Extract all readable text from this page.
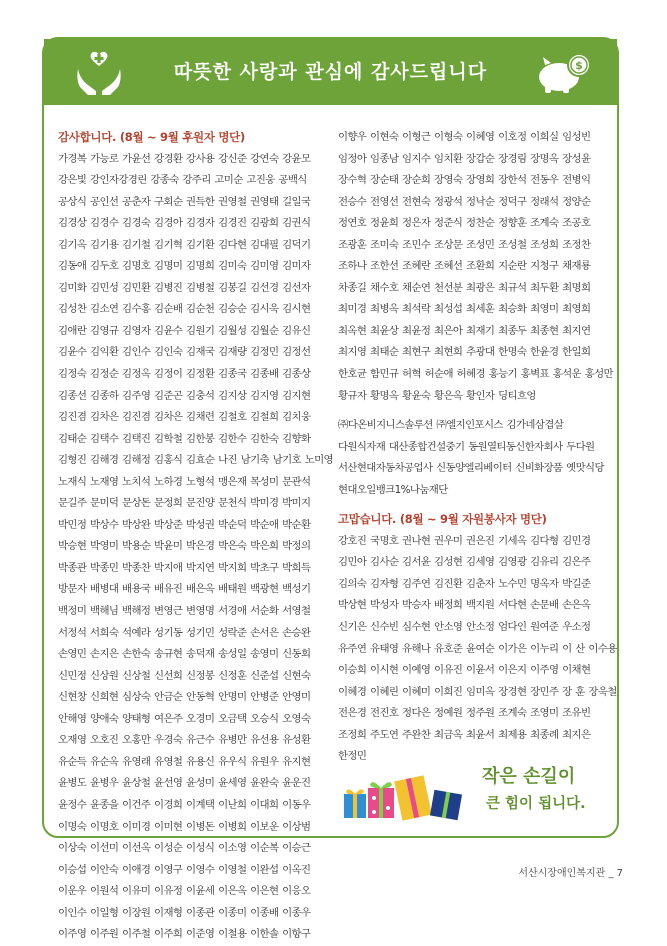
따뜻한 사랑과 관심에 감사드립니다	$
감사합니다. (8월 ~ 9월 후원자 명단)
가경복 가능로 가윤선 강경환 강사용 강신준 강연숙 강윤모
강은빛 강인자강경린 강종숙 강주리 고미순 고진웅 공백식
공상식 공인선 공춘자 구회순 권득한 권영철 권영태 길일국
김경상 김경수 김경숙 김경아 김경자 김경진 김광희 김권식
김기옥 김기용 김기철 김기혁 김기환 김다현 김대필 김덕기
김동애 김두호 김명호 김명미 김명희 김미숙 김미영 김미자
김미화 김민성 김민환 김병진 김병철 김봉길 김선경 김선자
김성찬 김소연 김수홍 김순배 김순천 김승순 김시욱 김시현
김애란 김영규 김영자 김윤수 김원기 김월성 김월순 김유신
김윤수 김익환 김인수 김인숙 김재국 김재량 김정민 김정선
김정숙 김정순 김정옥 김정이 김정환 김종국 김종배 김종상
김종선 김종하 김주영 김준곤 김충석 김지상 김지영 김지현
김진겸 김차은 김진겸 김차은 김채련 김철호 김철희 김치웅
김태순 김택수 김택진 김학철 김한봉 김한수 김한숙 김향화
김형진 김해경 김해정 김홍식 김효순 나진 남기축 남기호 노미영
노재식 노재영 노치석 노하경 노형석 맹은재 목성미 문관석
문길주 문미덕 문상돈 문정희 문진양 문천식 박미경 박미지
박민정 박상수 박상완 박상준 박성권 박순덕 박순애 박순환
박승현 박영미 박용순 박윤미 박은경 박은숙 박은희 박정의
박종관 박종민 박종찬 박지애 박지연 박지희 박초구 박희득
방문자 배병대 배용국 배유진 배은옥 배태원 백광현 백성기
백정미 백해님 백해정 변영근 변영명 서경애 서순화 서영철
서정석 서희숙 석예라 성기동 성기민 성락준 손서은 손승완
손영민 손지은 손한숙 송규현 송덕재 송성일 송영미 신동회
신민정 신상원 신상철 신선희 신정봉 신정훈 신준섭 신현숙
신현창 신희현 심상숙 안금순 안동혁 안명미 안병준 안영미
안해영 양애숙 양태형 여은주 오경미 오금택 오승식 오영숙
오재영 오호진 오홍만 우경숙 유근수 유병만 유선용 유성환
유순득 유순옥 유영래 유영철 유용신 유우식 유원우 유지현
윤병도 윤병우 윤상철 윤선영 윤성미 윤세영 윤완숙 윤운진
윤정수 윤종을 이건주 이경희 이계택 이난희 이대희 이동우
이명숙 이명호 이미경 이미현 이병돈 이병희 이보운 이상범
이상숙 이선미 이선옥 이성순 이성식 이소영 이순복 이승근
이승섭 이안숙 이애경 이영구 이영수 이영철 이완섭 이옥진
이운우 이원석 이유미 이유정 이윤세 이은옥 이은현 이응오
이인수 이일형 이장원 이재형 이종관 이종미 이종배 이종우
이주영 이주원 이주철 이주희 이준영 이철용 이한솔 이항구
이향우 이현숙 이형근 이형숙 이혜영 이호정 이희실 임성빈
임정아 임종남 임지수 임치환 장갑순 장경림 장명옥 장성윤
장수혁 장순태 장순희 장영숙 장영희 장한석 전동우 전병익
전승수 전영선 전현숙 정광석 정낙순 정덕구 정래석 정양순
정연호 정윤희 정은자 정준식 정찬순 정향훈 조계숙 조공호
조광훈 조미숙 조민수 조상문 조성민 조성철 조성희 조정찬
조하나 조한선 조혜란 조혜선 조환희 지순란 지청구 채재룡
차종길 채수호 채순연 천선분 최광은 최규석 최두환 최명희
최미경 최병옥 최석락 최성섭 최세훈 최승화 최영미 최영희
최옥현 최윤상 최윤정 최은아 최재기 최종두 최종현 최지연
최지영 최태순 최현구 최현희 추광대 한명숙 한윤경 한일희
한호균 함민규 허혁 허순애 허혜경 홍능기 홍벽표 홍석운 홍성만
황규자 황명옥 황윤숙 황은옥 황인자 딩티흐엉
㈜다온비지니스솔루션 ㈜엘지인포시스 김가네삼겹살
다원식자재 대산종합건설중기 동원열티동신한자회사 두다원
서산현대자동차공업사 신동양엘리베이터 신비화장품 옛맛식당
현대오일뱅크1%나눔재단
고맙습니다. (8월 ~ 9월 자원봉사자 명단)
강호진 국명호 권나현 권우미 권은진 기세옥 김다형 김민경
김민아 김사순 김서윤 김성현 김세영 김영광 김유리 김은주
김의숙 김자형 김주연 김진환 김춘자 노수민 명옥자 박길준
박상현 박성자 박승자 배정희 백지원 서다현 손문배 손은옥
신기은 신수빈 심수현 안소영 안소정 엄다인 원여준 우소정
유주연 유태영 유해나 유호준 윤여순 이가은 이누리 이 산 이수용
이승희 이시현 이예영 이유진 이윤서 이은지 이주영 이채현
이혜경 이혜린 이혜미 이희진 임미옥 장경현 장민주 장 훈 장욱철
전은경 전진호 정다은 정예원 정주원 조계숙 조영미 조유빈
조정희 주도연 주완찬 최금옥 최윤서 최제용 최종례 최지은
한정민
작은 손길이
큰 힘이 됩니다.
서산시장애인복지관 _ 7
